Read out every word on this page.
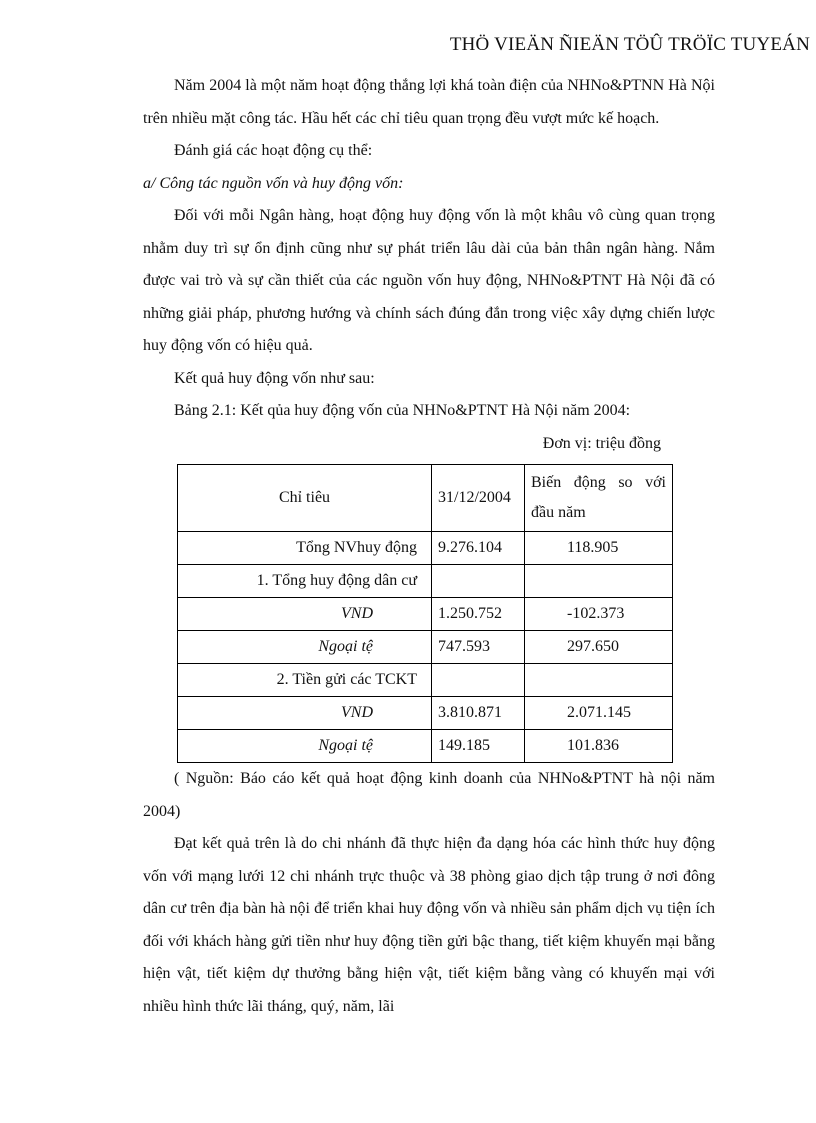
THÖ VIEÄN ÑIEÄN TÖÛ TRÖÏC TUYEÁN

Năm 2004 là một năm hoạt động thắng lợi khá toàn điện của NHNo&PTNN Hà Nội trên nhiều mặt công tác. Hầu hết các chỉ tiêu quan trọng đều vượt mức kế hoạch.

Đánh giá các hoạt động cụ thể:

a/ Công tác nguồn vốn và huy động vốn:

Đối với mỗi Ngân hàng, hoạt động huy động vốn là một khâu vô cùng quan trọng nhằm duy trì sự ổn định cũng như sự phát triển lâu dài của bản thân ngân hàng. Nắm được vai trò và sự cần thiết của các nguồn vốn huy động, NHNo&PTNT Hà Nội đã có những giải pháp, phương hướng và chính sách đúng đắn trong việc xây dựng chiến lược huy động vốn có hiệu quả.

Kết quả huy động vốn như sau:

Bảng 2.1: Kết qủa huy động vốn của NHNo&PTNT Hà Nội năm 2004:

Đơn vị: triệu đồng

Chỉ tiêu	31/12/2004	Biến động so với đầu năm
Tổng NVhuy động	9.276.104	118.905
1. Tổng huy động dân cư		
VND	1.250.752	-102.373
Ngoại tệ	747.593	297.650
2. Tiền gửi các TCKT		
VND	3.810.871	2.071.145
Ngoại tệ	149.185	101.836

( Nguồn: Báo cáo kết quả hoạt động kinh doanh của NHNo&PTNT hà nội năm 2004)

Đạt kết quả trên là do chi nhánh đã thực hiện đa dạng hóa các hình thức huy động vốn với mạng lưới 12 chi nhánh trực thuộc và 38 phòng giao dịch tập trung ở nơi đông dân cư trên địa bàn hà nội để triển khai huy động vốn và nhiều sản phẩm dịch vụ tiện ích đối với khách hàng gửi tiền như huy động tiền gửi bậc thang, tiết kiệm khuyến mại bằng hiện vật, tiết kiệm dự thưởng bằng hiện vật, tiết kiệm bằng vàng có khuyến mại với nhiều hình thức lãi tháng, quý, năm, lãi
